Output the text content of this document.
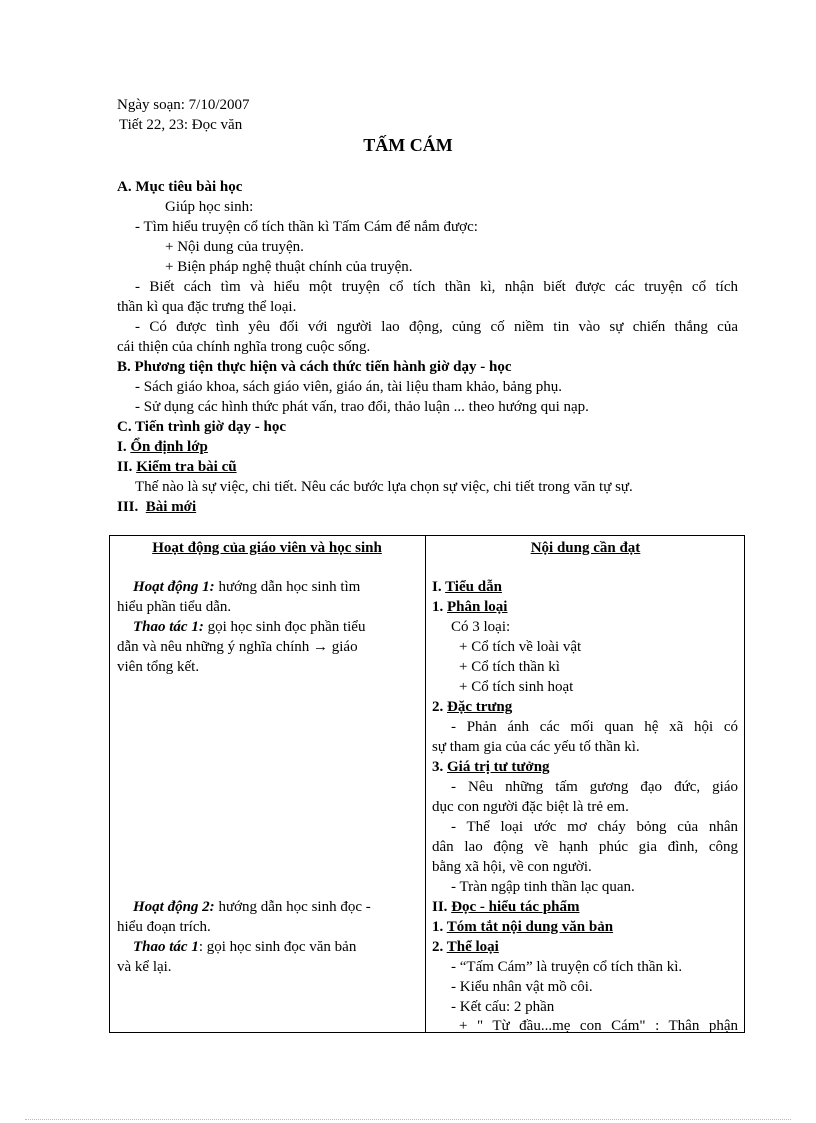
Ngày soạn: 7/10/2007
Tiết 22, 23: Đọc văn
TẤM CÁM
A. Mục tiêu bài học
Giúp học sinh:
- Tìm hiểu truyện cổ tích thần kì Tấm Cám để nắm được:
+ Nội dung của truyện.
+ Biện pháp nghệ thuật chính của truyện.
- Biết cách tìm và hiểu một truyện cổ tích thần kì, nhận biết được các truyện cổ tích
thần kì qua đặc trưng thể loại.
- Có được tình yêu đối với người lao động, củng cố niềm tin vào sự chiến thắng của
cái thiện của chính nghĩa trong cuộc sống.
B. Phương tiện thực hiện và cách thức tiến hành giờ dạy - học
- Sách giáo khoa, sách giáo viên, giáo án, tài liệu tham khảo, bảng phụ.
- Sử dụng các hình thức phát vấn, trao đổi, thảo luận ... theo hướng qui nạp.
C. Tiến trình giờ dạy - học
I. Ổn định lớp
II. Kiểm tra bài cũ
Thế nào là sự việc, chi tiết. Nêu các bước lựa chọn sự việc, chi tiết trong văn tự sự.
III. Bài mới
Hoạt động của giáo viên và học sinh	Nội dung cần đạt
Hoạt động 1: hướng dẫn học sinh tìm
hiểu phần tiểu dẫn.
Thao tác 1: gọi học sinh đọc phần tiểu
dẫn và nêu những ý nghĩa chính → giáo
viên tổng kết.
Hoạt động 2: hướng dẫn học sinh đọc -
hiểu đoạn trích.
Thao tác 1: gọi học sinh đọc văn bản
và kể lại.
I. Tiểu dẫn
1. Phân loại
Có 3 loại:
+ Cổ tích về loài vật
+ Cổ tích thần kì
+ Cổ tích sinh hoạt
2. Đặc trưng
- Phản ánh các mối quan hệ xã hội có
sự tham gia của các yếu tố thần kì.
3. Giá trị tư tưởng
- Nêu những tấm gương đạo đức, giáo
dục con người đặc biệt là trẻ em.
- Thể loại ước mơ cháy bỏng của nhân
dân lao động về hạnh phúc gia đình, công
bằng xã hội, về con người.
- Tràn ngập tinh thần lạc quan.
II. Đọc - hiểu tác phẩm
1. Tóm tắt nội dung văn bản
2. Thể loại
- “Tấm Cám” là truyện cổ tích thần kì.
- Kiểu nhân vật mồ côi.
- Kết cấu: 2 phần
+ " Từ đầu...mẹ con Cám" : Thân phận
